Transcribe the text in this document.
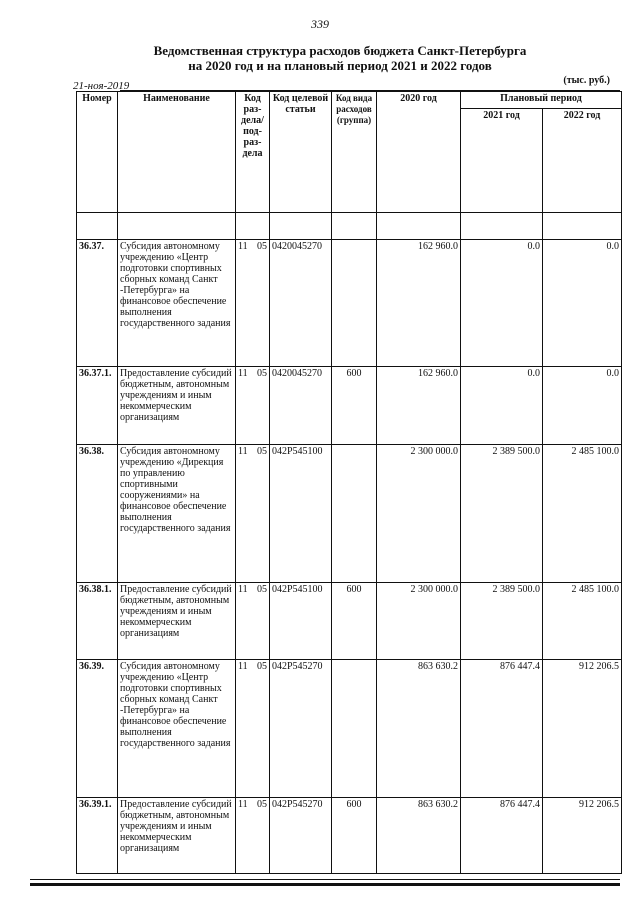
339
Ведомственная структура расходов бюджета Санкт-Петербурга
на 2020 год и на плановый период 2021 и 2022 годов
21-ноя-2019	(тыс. руб.)
Номер	Наименование	Код раз- дела/ под- раз- дела	Код целевой статьи	Код вида расходов (группа)	2020 год	Плановый период	
						2021 год	2022 год

36.37.	Субсидия автономному учреждению «Центр подготовки спортивных сборных команд Санкт -Петербурга» на финансовое обеспечение выполнения государственного задания	11 05	0420045270		162 960.0	0.0	0.0
36.37.1.	Предоставление субсидий бюджетным, автономным учреждениям и иным некоммерческим организациям	11 05	0420045270	600	162 960.0	0.0	0.0
36.38.	Субсидия автономному учреждению «Дирекция по управлению спортивными сооружениями» на финансовое обеспечение выполнения государственного задания	11 05	042P545100		2 300 000.0	2 389 500.0	2 485 100.0
36.38.1.	Предоставление субсидий бюджетным, автономным учреждениям и иным некоммерческим организациям	11 05	042P545100	600	2 300 000.0	2 389 500.0	2 485 100.0
36.39.	Субсидия автономному учреждению «Центр подготовки спортивных сборных команд Санкт -Петербурга» на финансовое обеспечение выполнения государственного задания	11 05	042P545270		863 630.2	876 447.4	912 206.5
36.39.1.	Предоставление субсидий бюджетным, автономным учреждениям и иным некоммерческим организациям	11 05	042P545270	600	863 630.2	876 447.4	912 206.5
